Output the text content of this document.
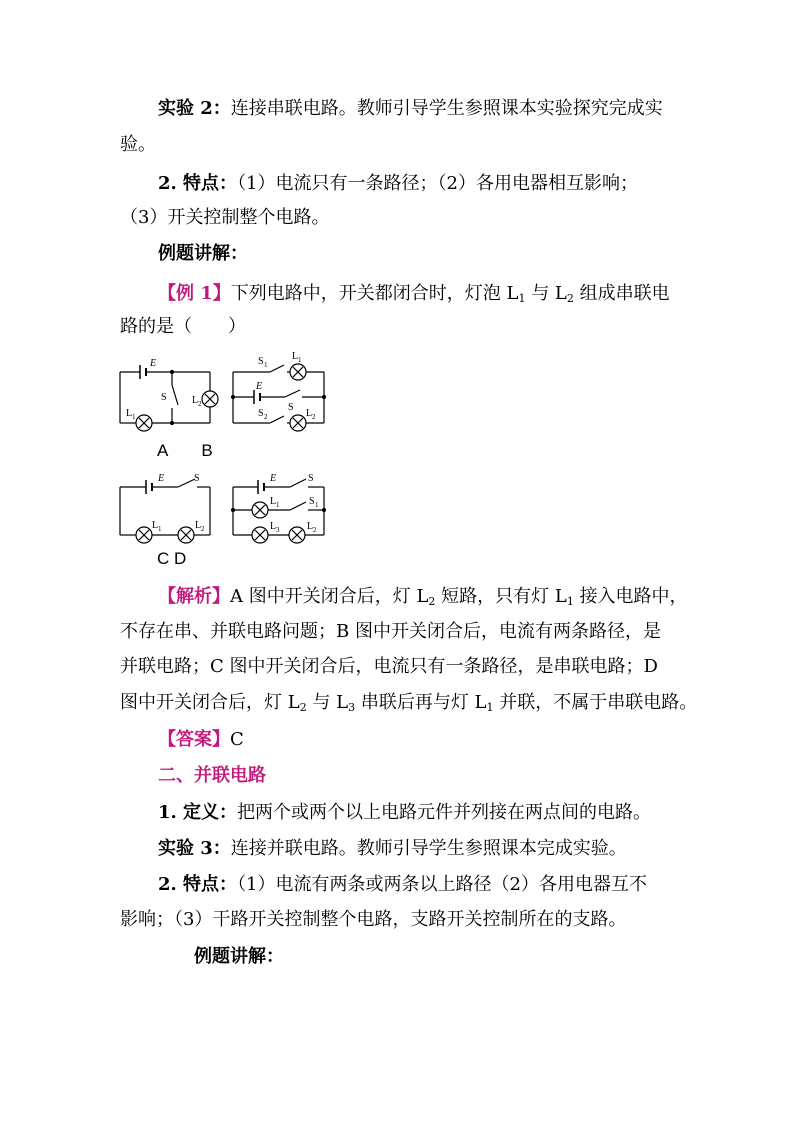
实验 2：连接串联电路。教师引导学生参照课本实验探究完成实
验。
2. 特点：（1）电流只有一条路径；（2）各用电器相互影响；
（3）开关控制整个电路。
例题讲解：
【例 1】下列电路中，开关都闭合时，灯泡 $L_1$ 与 $L_2$ 组成串联电
路的是（　　）
E
S
L 1
L 2
S 1
L 1
E
S
S 2	L 2
E	S
L 1	L 2
E	S
L 1	S 1
L 3	L 2
A　　B
C D
【解析】A 图中开关闭合后，灯 $L_2$ 短路，只有灯 $L_1$ 接入电路中，
不存在串、并联电路问题；B 图中开关闭合后，电流有两条路径，是
并联电路；C 图中开关闭合后，电流只有一条路径，是串联电路；D
图中开关闭合后，灯 $L_2$ 与 $L_3$ 串联后再与灯 $L_1$ 并联，不属于串联电路。
【答案】C
二、并联电路
1. 定义：把两个或两个以上电路元件并列接在两点间的电路。
实验 3：连接并联电路。教师引导学生参照课本完成实验。
2. 特点：（1）电流有两条或两条以上路径（2）各用电器互不
影响；（3）干路开关控制整个电路，支路开关控制所在的支路。
例题讲解：
